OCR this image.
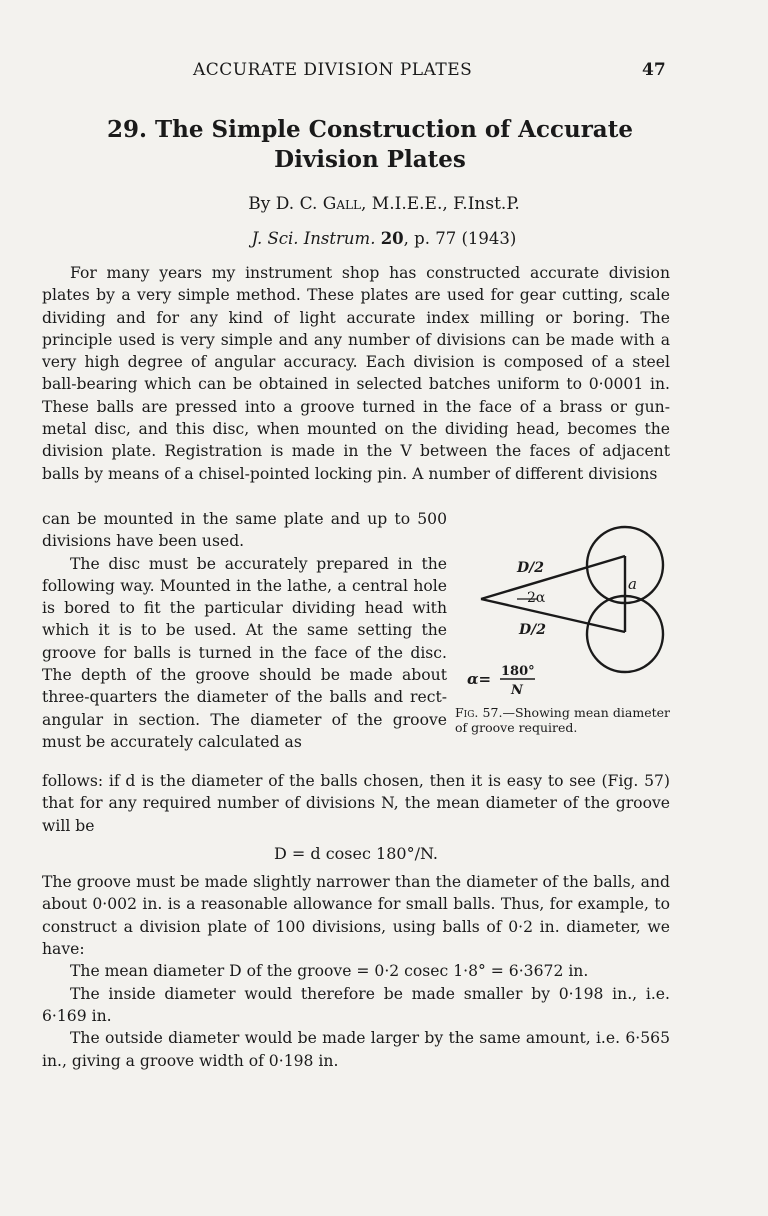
ACCURATE DIVISION PLATES	47
29. The Simple Construction of Accurate
Division Plates
By D. C. Gall, M.I.E.E., F.Inst.P.
J. Sci. Instrum. 20, p. 77 (1943)
For many years my instrument shop has constructed accurate division plates by a very simple method. These plates are used for gear cutting, scale dividing and for any kind of light accurate index milling or boring. The principle used is very simple and any number of divisions can be made with a very high degree of angular accuracy. Each division is composed of a steel ball-bearing which can be obtained in selected batches uniform to 0·0001 in. These balls are pressed into a groove turned in the face of a brass or gun-metal disc, and this disc, when mounted on the dividing head, becomes the division plate. Registration is made in the V between the faces of adjacent balls by means of a chisel-pointed locking pin. A number of different divisions

can be mounted in the same plate and up to 500 divisions have been used.

The disc must be accurately prepared in the following way. Mounted in the lathe, a central hole is bored to fit the particular dividing head with which it is to be used. At the same setting the groove for balls is turned in the face of the disc. The depth of the groove should be made about three-quarters the diameter of the balls and rect-angular in section. The diameter of the groove must be accurately calculated as

D/2
2α
a
D/2
α= 180°
N
Fig. 57.—Showing mean diameter of groove required.

follows: if d is the diameter of the balls chosen, then it is easy to see (Fig. 57) that for any required number of divisions N, the mean diameter of the groove will be

D = d cosec 180°/N.

The groove must be made slightly narrower than the diameter of the balls, and about 0·002 in. is a reasonable allowance for small balls. Thus, for example, to construct a division plate of 100 divisions, using balls of 0·2 in. diameter, we have:

The mean diameter D of the groove = 0·2 cosec 1·8° = 6·3672 in.

The inside diameter would therefore be made smaller by 0·198 in., i.e. 6·169 in.

The outside diameter would be made larger by the same amount, i.e. 6·565 in., giving a groove width of 0·198 in.
